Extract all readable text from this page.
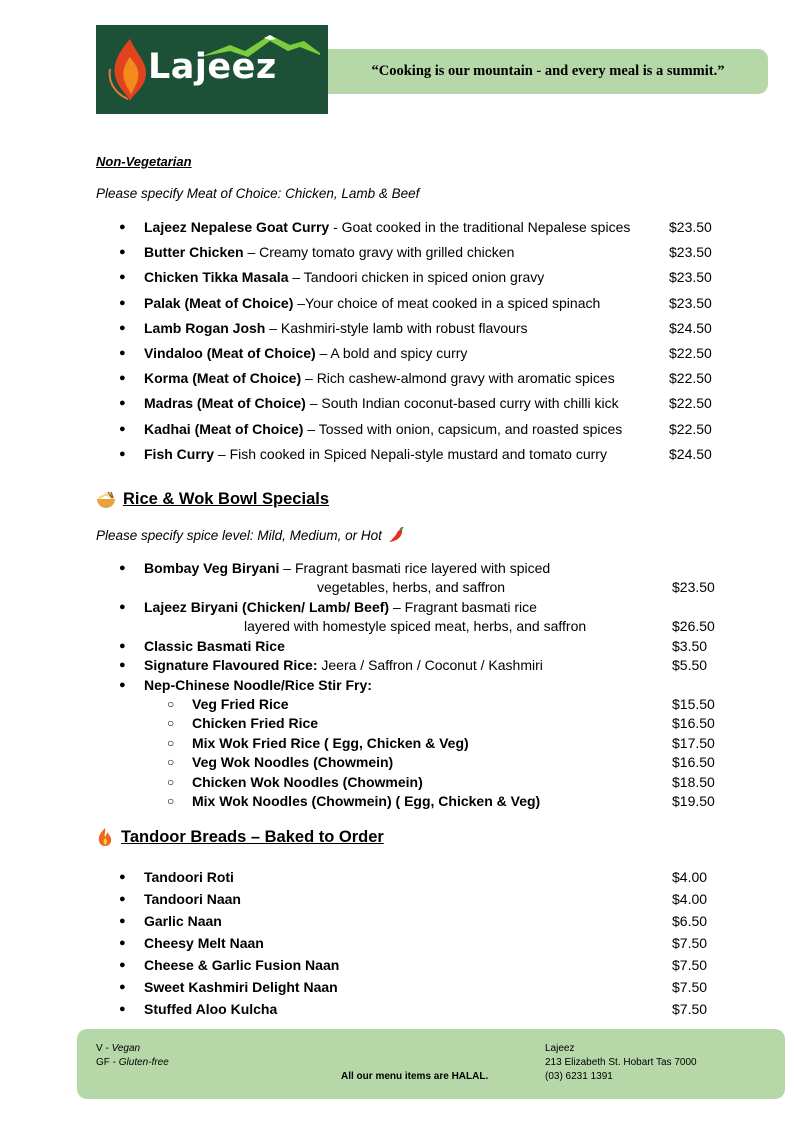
Lajeez	“Cooking is our mountain - and every meal is a summit.”
Non-Vegetarian
Please specify Meat of Choice: Chicken, Lamb & Beef
● Lajeez Nepalese Goat Curry - Goat cooked in the traditional Nepalese spices	$23.50
● Butter Chicken – Creamy tomato gravy with grilled chicken	$23.50
● Chicken Tikka Masala – Tandoori chicken in spiced onion gravy	$23.50
● Palak (Meat of Choice) –Your choice of meat cooked in a spiced spinach	$23.50
● Lamb Rogan Josh – Kashmiri-style lamb with robust flavours	$24.50
● Vindaloo (Meat of Choice) – A bold and spicy curry	$22.50
● Korma (Meat of Choice) – Rich cashew-almond gravy with aromatic spices	$22.50
● Madras (Meat of Choice) – South Indian coconut-based curry with chilli kick	$22.50
● Kadhai (Meat of Choice) – Tossed with onion, capsicum, and roasted spices	$22.50
● Fish Curry – Fish cooked in Spiced Nepali-style mustard and tomato curry	$24.50
Rice & Wok Bowl Specials
Please specify spice level: Mild, Medium, or Hot
● Bombay Veg Biryani – Fragrant basmati rice layered with spiced
vegetables, herbs, and saffron	$23.50
● Lajeez Biryani (Chicken/ Lamb/ Beef) – Fragrant basmati rice
layered with homestyle spiced meat, herbs, and saffron	$26.50
● Classic Basmati Rice	$3.50
● Signature Flavoured Rice: Jeera / Saffron / Coconut / Kashmiri	$5.50
● Nep-Chinese Noodle/Rice Stir Fry:
○ Veg Fried Rice	$15.50
○ Chicken Fried Rice	$16.50
○ Mix Wok Fried Rice ( Egg, Chicken & Veg)	$17.50
○ Veg Wok Noodles (Chowmein)	$16.50
○ Chicken Wok Noodles (Chowmein)	$18.50
○ Mix Wok Noodles (Chowmein) ( Egg, Chicken & Veg)	$19.50
Tandoor Breads – Baked to Order
● Tandoori Roti	$4.00
● Tandoori Naan	$4.00
● Garlic Naan	$6.50
● Cheesy Melt Naan	$7.50
● Cheese & Garlic Fusion Naan	$7.50
● Sweet Kashmiri Delight Naan	$7.50
● Stuffed Aloo Kulcha	$7.50
V - Vegan
GF - Gluten-free
All our menu items are HALAL.
Lajeez
213 Elizabeth St. Hobart Tas 7000
(03) 6231 1391
